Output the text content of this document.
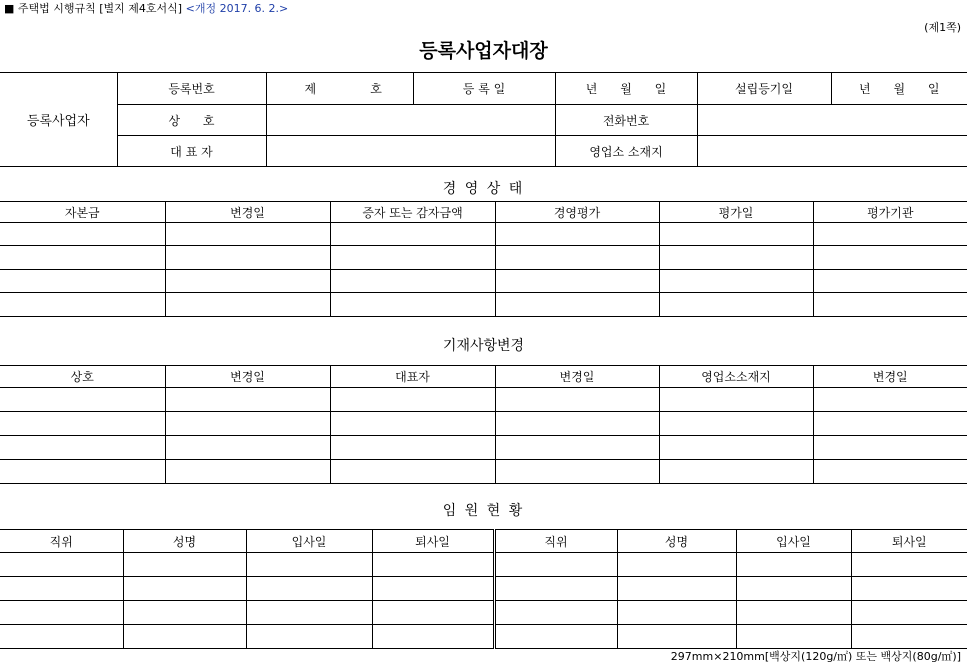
■ 주택법 시행규칙 [별지 제4호서식] <개정 2017. 6. 2.>
(제1쪽)
등록사업자대장
등록사업자	등록번호	제 호	등 록 일	년      월      일	설립등기일	년      월      일
	상      호			전화번호		
	대 표 자			영업소 소재지		
경 영 상 태
자본금	변경일	증자 또는 감자금액	경영평가	평가일	평가기관

기재사항변경
상호	변경일	대표자	변경일	영업소소재지	변경일

임 원 현 황
직위	성명	입사일	퇴사일	직위	성명	입사일	퇴사일

297mm×210mm[백상지(120g/㎡) 또는 백상지(80g/㎡)]
